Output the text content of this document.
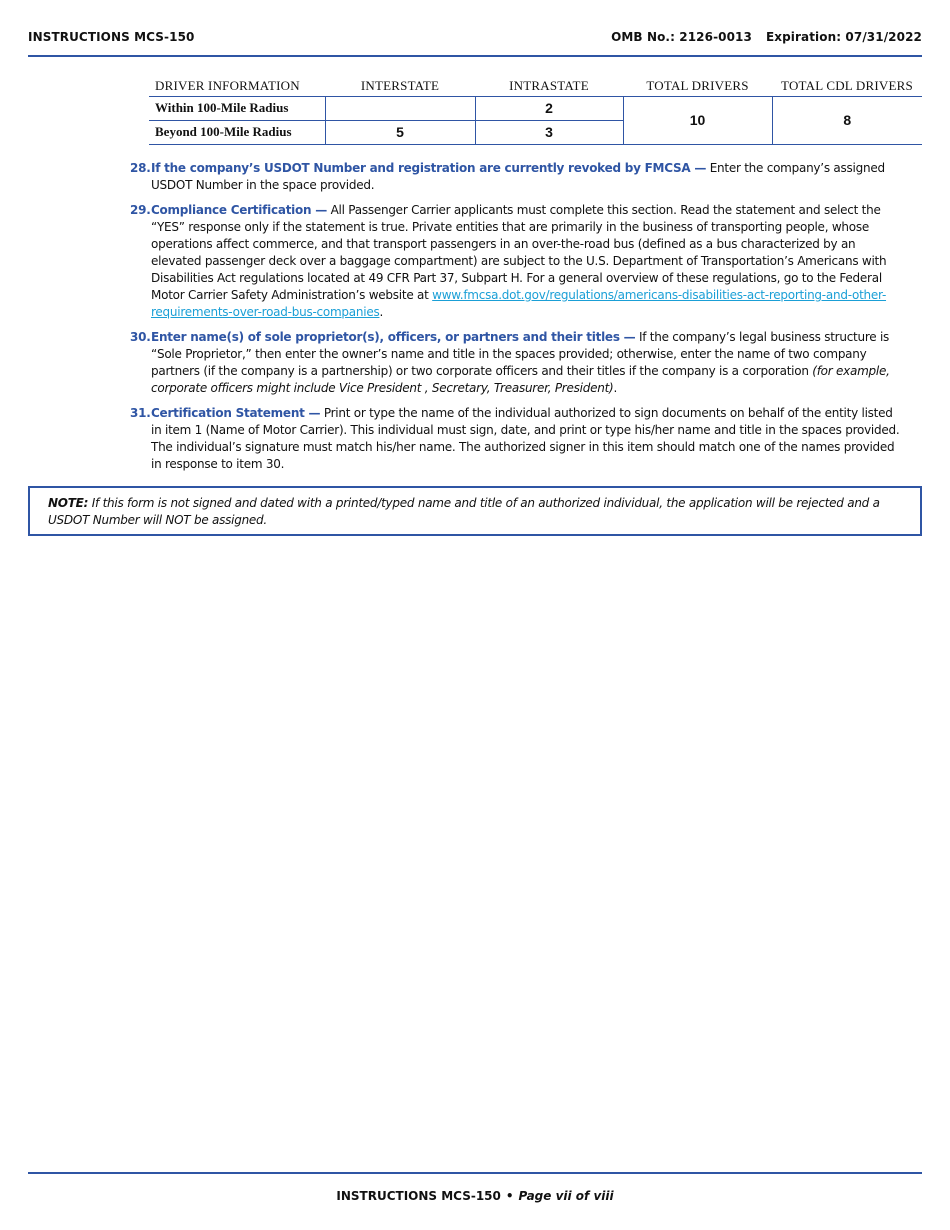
INSTRUCTIONS MCS-150	OMB No.: 2126-0013 Expiration: 07/31/2022
DRIVER INFORMATION	INTERSTATE	INTRASTATE	TOTAL DRIVERS	TOTAL CDL DRIVERS
Within 100-Mile Radius		2	10	8
Beyond 100-Mile Radius	5	3		
28. If the company’s USDOT Number and registration are currently revoked by FMCSA — Enter the company’s assigned USDOT Number in the space provided.
29. Compliance Certification — All Passenger Carrier applicants must complete this section. Read the statement and select the “YES” response only if the statement is true. Private entities that are primarily in the business of transporting people, whose operations affect commerce, and that transport passengers in an over-the-road bus (defined as a bus characterized by an elevated passenger deck over a baggage compartment) are subject to the U.S. Department of Transportation’s Americans with Disabilities Act regulations located at 49 CFR Part 37, Subpart H. For a general overview of these regulations, go to the Federal Motor Carrier Safety Administration’s website at www.fmcsa.dot.gov/regulations/americans-disabilities-act-reporting-and-other-requirements-over-road-bus-companies.
30. Enter name(s) of sole proprietor(s), officers, or partners and their titles — If the company’s legal business structure is “Sole Proprietor,” then enter the owner’s name and title in the spaces provided; otherwise, enter the name of two company partners (if the company is a partnership) or two corporate officers and their titles if the company is a corporation (for example, corporate officers might include Vice President , Secretary, Treasurer, President).
31. Certification Statement — Print or type the name of the individual authorized to sign documents on behalf of the entity listed in item 1 (Name of Motor Carrier). This individual must sign, date, and print or type his/her name and title in the spaces provided. The individual’s signature must match his/her name. The authorized signer in this item should match one of the names provided in response to item 30.
NOTE: If this form is not signed and dated with a printed/typed name and title of an authorized individual, the application will be rejected and a USDOT Number will NOT be assigned.
INSTRUCTIONS MCS-150 • Page vii of viii
